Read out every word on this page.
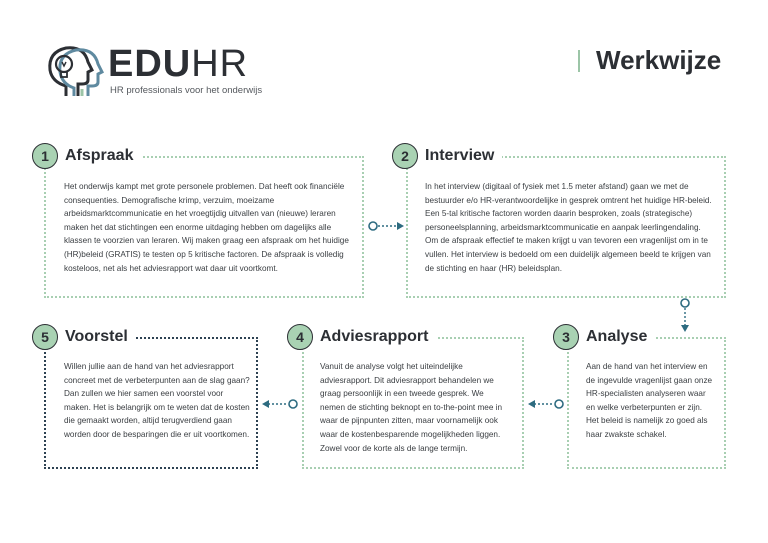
EDUHR
HR professionals voor het onderwijs
Werkwijze
1	Afspraak
Het onderwijs kampt met grote personele problemen. Dat heeft ook financiële consequenties. Demografische krimp, verzuim, moeizame arbeidsmarktcommunicatie en het vroegtijdig uitvallen van (nieuwe) leraren maken het dat stichtingen een enorme uitdaging hebben om dagelijks alle klassen te voorzien van leraren. Wij maken graag een afspraak om het huidige (HR)beleid (GRATIS) te testen op 5 kritische factoren. De afspraak is volledig kosteloos, net als het adviesrapport wat daar uit voortkomt.
2	Interview
In het interview (digitaal of fysiek met 1.5 meter afstand) gaan we met de bestuurder e/o HR-verantwoordelijke in gesprek omtrent het huidige HR-beleid. Een 5-tal kritische factoren worden daarin besproken, zoals (strategische) personeelsplanning, arbeidsmarktcommunicatie en aanpak leerlingendaling. Om de afspraak effectief te maken krijgt u van tevoren een vragenlijst om in te vullen. Het interview is bedoeld om een duidelijk algemeen beeld te krijgen van de stichting en haar (HR) beleidsplan.
3	Analyse
Aan de hand van het interview en de ingevulde vragenlijst gaan onze HR-specialisten analyseren waar en welke verbeterpunten er zijn. Het beleid is namelijk zo goed als haar zwakste schakel.
4	Adviesrapport
Vanuit de analyse volgt het uiteindelijke adviesrapport. Dit adviesrapport behandelen we graag persoonlijk in een tweede gesprek. We nemen de stichting beknopt en to-the-point mee in waar de pijnpunten zitten, maar voornamelijk ook waar de kostenbesparende mogelijkheden liggen. Zowel voor de korte als de lange termijn.
5	Voorstel
Willen jullie aan de hand van het adviesrapport concreet met de verbeterpunten aan de slag gaan? Dan zullen we hier samen een voorstel voor maken. Het is belangrijk om te weten dat de kosten die gemaakt worden, altijd terugverdiend gaan worden door de besparingen die er uit voortkomen.
